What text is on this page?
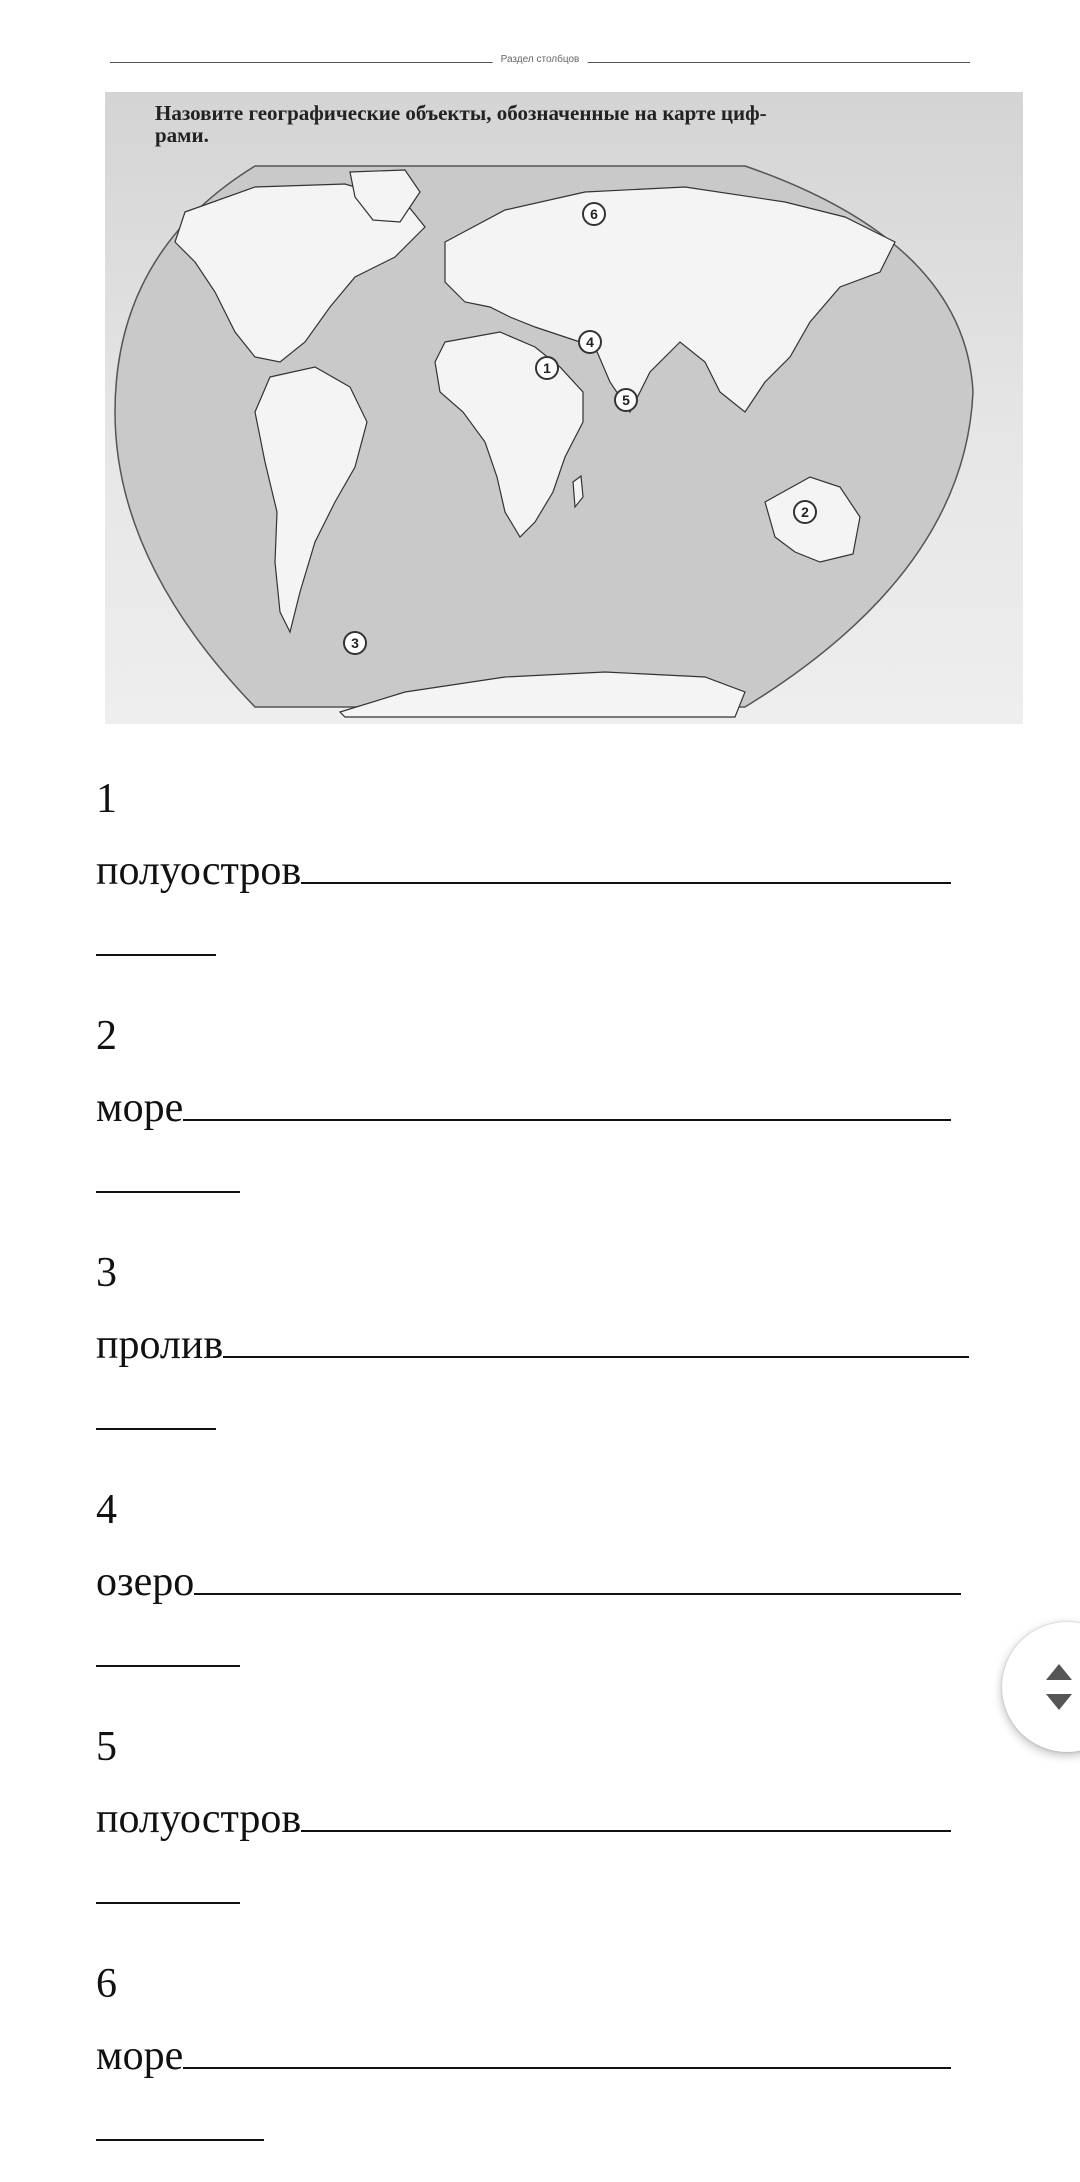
Раздел столбцов
Назовите географические объекты, обозначенные на карте циф- рами.
1
2
3
4
5
6
1
полуостров
2
море
3
пролив
4
озеро
5
полуостров
6
море
